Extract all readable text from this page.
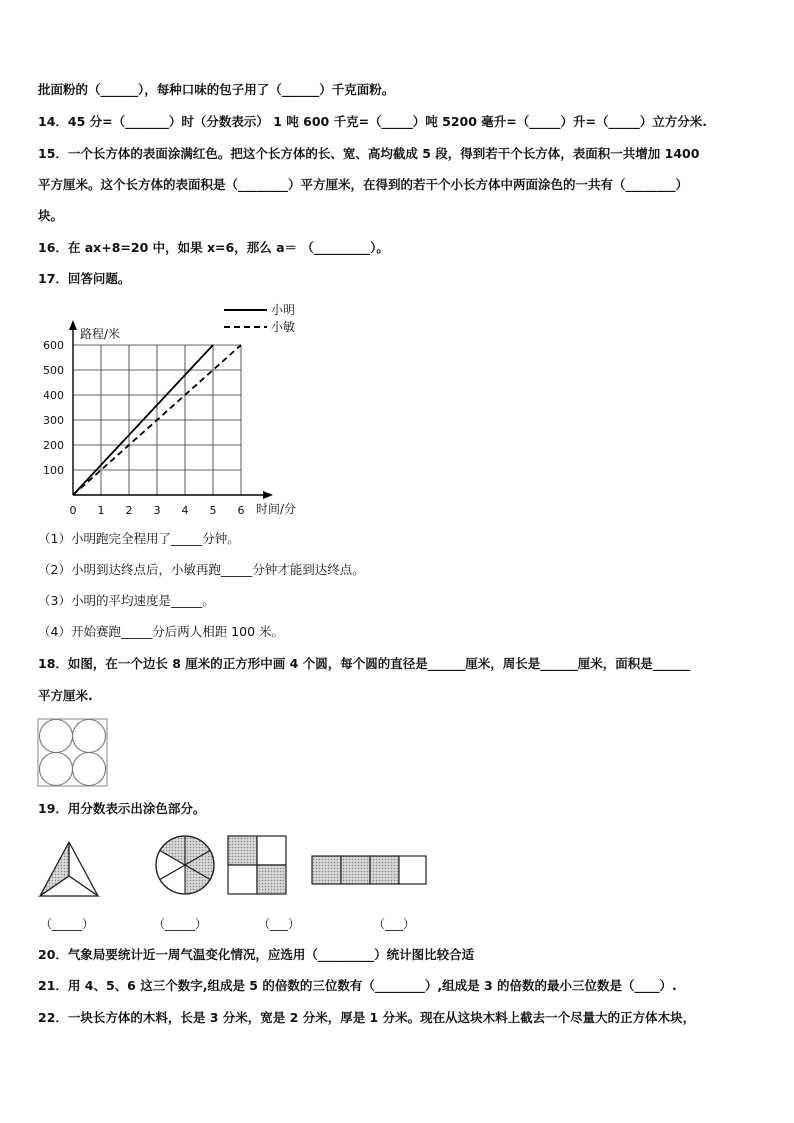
批面粉的（______），每种口味的包子用了（______）千克面粉。
14．45 分=（_______）时（分数表示） 1 吨 600 千克=（_____）吨 5200 毫升=（_____）升=（_____）立方分米.
15．一个长方体的表面涂满红色。把这个长方体的长、宽、高均截成 5 段，得到若干个长方体，表面积一共增加 1400
平方厘米。这个长方体的表面积是（________）平方厘米，在得到的若干个小长方体中两面涂色的一共有（________）
块。
16．在 ax+8=20 中，如果 x=6，那么 a＝ （_________）。
17．回答问题。
100
200
300
400
500
600
0 1 2 3 4 5 6
路程/米
时间/分
小明
小敏
（1）小明跑完全程用了_____分钟。
（2）小明到达终点后，小敏再跑_____分钟才能到达终点。
（3）小明的平均速度是_____。
（4）开始赛跑_____分后两人相距 100 米。
18．如图，在一个边长 8 厘米的正方形中画 4 个圆，每个圆的直径是______厘米，周长是______厘米，面积是______
平方厘米.
19．用分数表示出涂色部分。
（_____）	（_____）	（___）	（___）
20．气象局要统计近一周气温变化情况，应选用（_________）统计图比较合适
21．用 4、5、6 这三个数字,组成是 5 的倍数的三位数有（________）,组成是 3 的倍数的最小三位数是（____）.
22．一块长方体的木料，长是 3 分米，宽是 2 分米，厚是 1 分米。现在从这块木料上截去一个尽量大的正方体木块，
